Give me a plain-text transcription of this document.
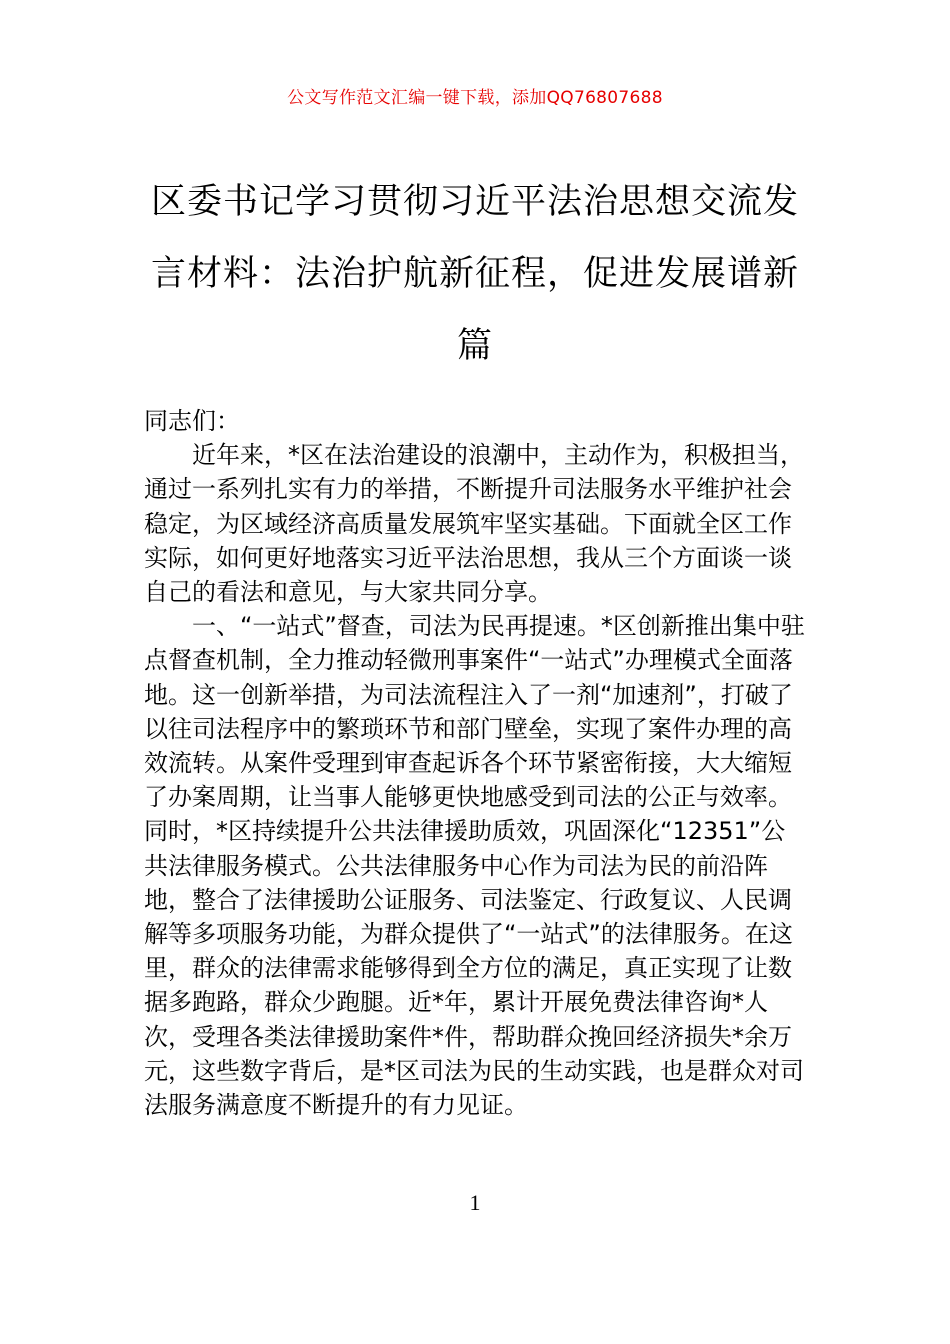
公文写作范文汇编一键下载，添加QQ76807688
区委书记学习贯彻习近平法治思想交流发言材料：法治护航新征程，促进发展谱新篇

同志们：

近年来，*区在法治建设的浪潮中，主动作为，积极担当，通过一系列扎实有力的举措，不断提升司法服务水平维护社会稳定，为区域经济高质量发展筑牢坚实基础。下面就全区工作实际，如何更好地落实习近平法治思想，我从三个方面谈一谈自己的看法和意见，与大家共同分享。

一、“一站式”督查，司法为民再提速。*区创新推出集中驻点督查机制，全力推动轻微刑事案件“一站式”办理模式全面落地。这一创新举措，为司法流程注入了一剂“加速剂”，打破了以往司法程序中的繁琐环节和部门壁垒，实现了案件办理的高效流转。从案件受理到审查起诉各个环节紧密衔接，大大缩短了办案周期，让当事人能够更快地感受到司法的公正与效率。同时，*区持续提升公共法律援助质效，巩固深化“12351”公共法律服务模式。公共法律服务中心作为司法为民的前沿阵地，整合了法律援助公证服务、司法鉴定、行政复议、人民调解等多项服务功能，为群众提供了“一站式”的法律服务。在这里，群众的法律需求能够得到全方位的满足，真正实现了让数据多跑路，群众少跑腿。近*年，累计开展免费法律咨询*人次，受理各类法律援助案件*件，帮助群众挽回经济损失*余万元，这些数字背后，是*区司法为民的生动实践，也是群众对司法服务满意度不断提升的有力见证。

1
